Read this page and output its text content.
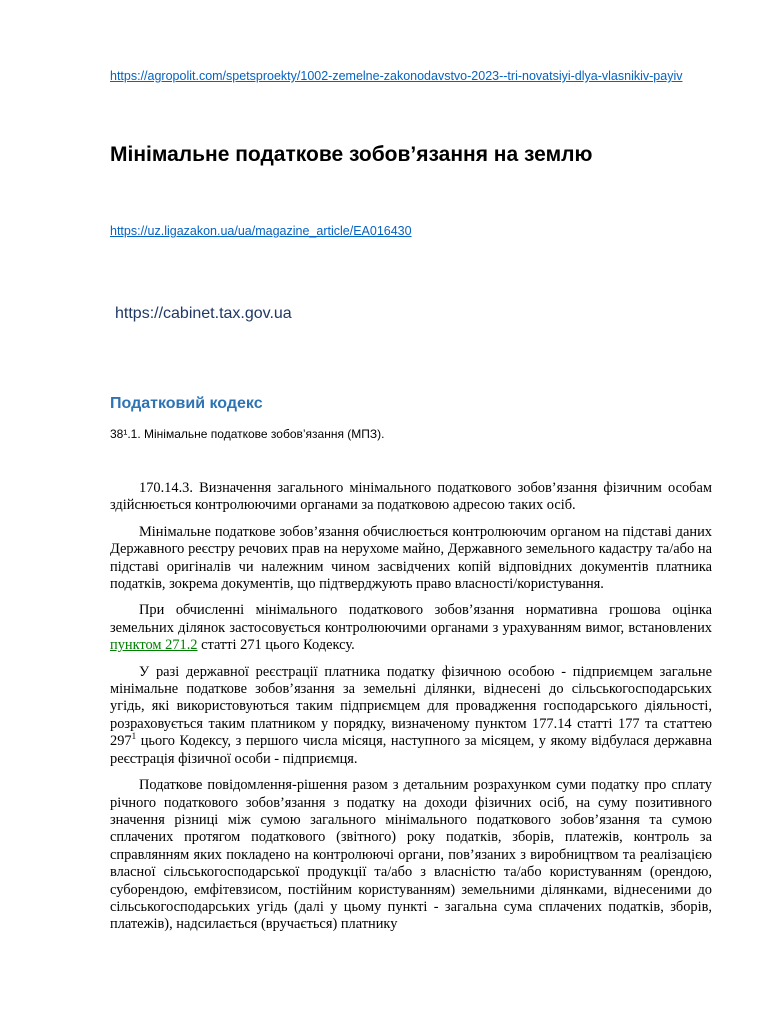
https://agropolit.com/spetsproekty/1002-zemelne-zakonodavstvo-2023--tri-novatsiyi-dlya-vlasnikiv-payiv
Мінімальне податкове зобов’язання на землю
https://uz.ligazakon.ua/ua/magazine_article/EA016430
https://cabinet.tax.gov.ua
Податковий кодекс
38¹.1. Мінімальне податкове зобов’язання (МПЗ).

170.14.3. Визначення загального мінімального податкового зобов’язання фізичним особам здійснюється контролюючими органами за податковою адресою таких осіб.

Мінімальне податкове зобов’язання обчислюється контролюючим органом на підставі даних Державного реєстру речових прав на нерухоме майно, Державного земельного кадастру та/або на підставі оригіналів чи належним чином засвідчених копій відповідних документів платника податків, зокрема документів, що підтверджують право власності/користування.

При обчисленні мінімального податкового зобов’язання нормативна грошова оцінка земельних ділянок застосовується контролюючими органами з урахуванням вимог, встановлених пунктом 271.2 статті 271 цього Кодексу.

У разі державної реєстрації платника податку фізичною особою - підприємцем загальне мінімальне податкове зобов’язання за земельні ділянки, віднесені до сільськогосподарських угідь, які використовуються таким підприємцем для провадження господарського діяльності, розраховується таким платником у порядку, визначеному пунктом 177.14 статті 177 та статтею $297^1$ цього Кодексу, з першого числа місяця, наступного за місяцем, у якому відбулася державна реєстрація фізичної особи - підприємця.

Податкове повідомлення-рішення разом з детальним розрахунком суми податку про сплату річного податкового зобов’язання з податку на доходи фізичних осіб, на суму позитивного значення різниці між сумою загального мінімального податкового зобов’язання та сумою сплачених протягом податкового (звітного) року податків, зборів, платежів, контроль за справлянням яких покладено на контролюючі органи, пов’язаних з виробництвом та реалізацією власної сільськогосподарської продукції та/або з власністю та/або користуванням (орендою, суборендою, емфітевзисом, постійним користуванням) земельними ділянками, віднесеними до сільськогосподарських угідь (далі у цьому пункті - загальна сума сплачених податків, зборів, платежів), надсилається (вручається) платнику
